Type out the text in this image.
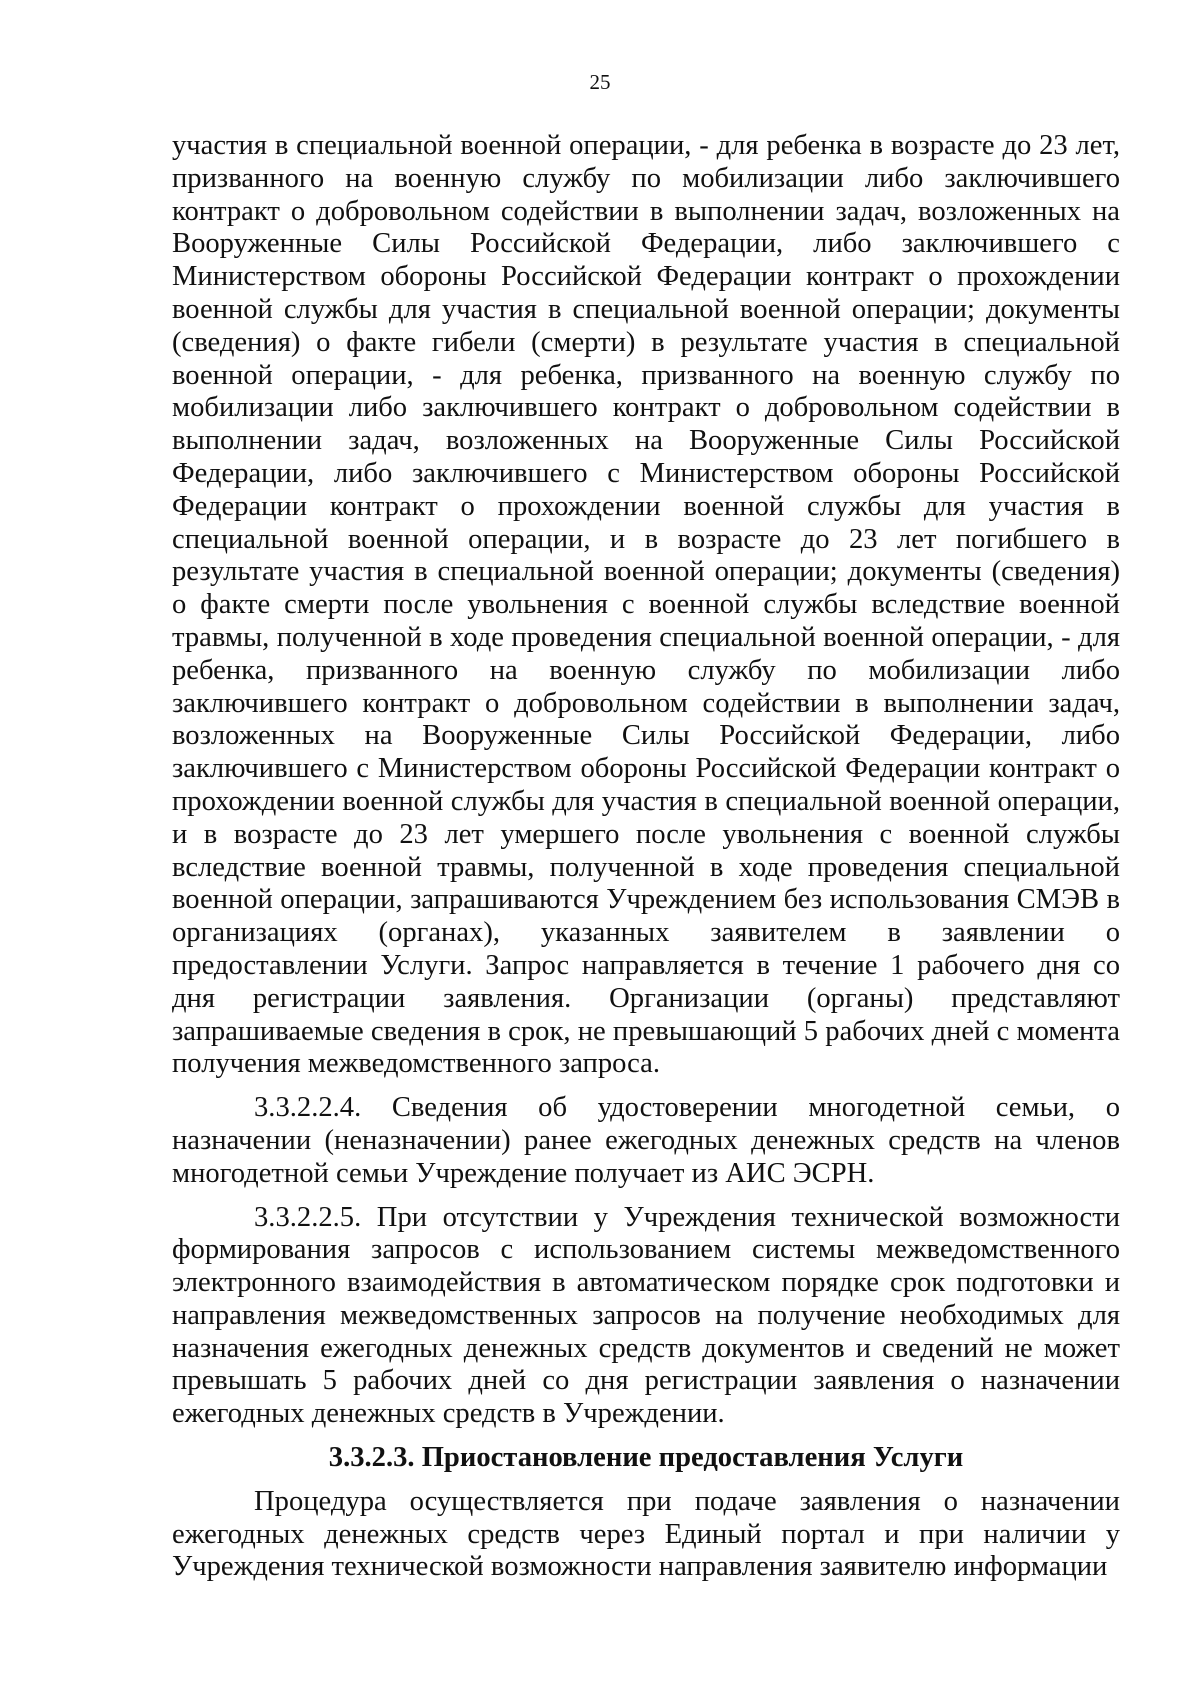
25

участия в специальной военной операции, - для ребенка в возрасте до 23 лет, призванного на военную службу по мобилизации либо заключившего контракт о добровольном содействии в выполнении задач, возложенных на Вооруженные Силы Российской Федерации, либо заключившего с Министерством обороны Российской Федерации контракт о прохождении военной службы для участия в специальной военной операции; документы (сведения) о факте гибели (смерти) в результате участия в специальной военной операции, - для ребенка, призванного на военную службу по мобилизации либо заключившего контракт о добровольном содействии в выполнении задач, возложенных на Вооруженные Силы Российской Федерации, либо заключившего с Министерством обороны Российской Федерации контракт о прохождении военной службы для участия в специальной военной операции, и в возрасте до 23 лет погибшего в результате участия в специальной военной операции; документы (сведения) о факте смерти после увольнения с военной службы вследствие военной травмы, полученной в ходе проведения специальной военной операции, - для ребенка, призванного на военную службу по мобилизации либо заключившего контракт о добровольном содействии в выполнении задач, возложенных на Вооруженные Силы Российской Федерации, либо заключившего с Министерством обороны Российской Федерации контракт о прохождении военной службы для участия в специальной военной операции, и в возрасте до 23 лет умершего после увольнения с военной службы вследствие военной травмы, полученной в ходе проведения специальной военной операции, запрашиваются Учреждением без использования СМЭВ в организациях (органах), указанных заявителем в заявлении о предоставлении Услуги. Запрос направляется в течение 1 рабочего дня со дня регистрации заявления. Организации (органы) представляют запрашиваемые сведения в срок, не превышающий 5 рабочих дней с момента получения межведомственного запроса.

3.3.2.2.4. Сведения об удостоверении многодетной семьи, о назначении (неназначении) ранее ежегодных денежных средств на членов многодетной семьи Учреждение получает из АИС ЭСРН.

3.3.2.2.5. При отсутствии у Учреждения технической возможности формирования запросов с использованием системы межведомственного электронного взаимодействия в автоматическом порядке срок подготовки и направления межведомственных запросов на получение необходимых для назначения ежегодных денежных средств документов и сведений не может превышать 5 рабочих дней со дня регистрации заявления о назначении ежегодных денежных средств в Учреждении.

3.3.2.3. Приостановление предоставления Услуги

Процедура осуществляется при подаче заявления о назначении ежегодных денежных средств через Единый портал и при наличии у Учреждения технической возможности направления заявителю информации
